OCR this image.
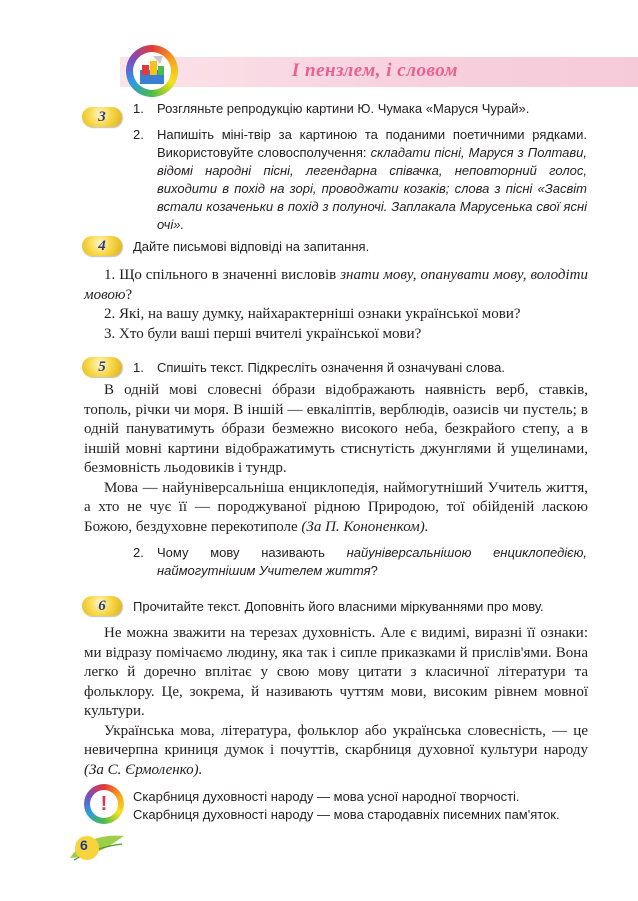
І пензлем, і словом
3
1. Розгляньте репродукцію картини Ю. Чумака «Маруся Чурай».
2. Напишіть міні-твір за картиною та поданими поетичними рядками. Використовуйте словосполучення: складати пісні, Маруся з Полтави, відомі народні пісні, легендарна співачка, неповторний голос, виходити в похід на зорі, проводжати козаків; слова з пісні «Засвіт встали козаченьки в похід з полуночі. Заплакала Марусенька свої ясні очі».
4	Дайте письмові відповіді на запитання.

1. Що спільного в значенні висловів знати мову, опанувати мову, володіти мовою?

2. Які, на вашу думку, найхарактерніші ознаки української мови?

3. Хто були ваші перші вчителі української мови?

5	1. Спишіть текст. Підкресліть означення й означувані слова.

В одній мові словесні óбрази відображають наявність верб, ставків, тополь, річки чи моря. В іншій — евкаліптів, верблюдів, оазисів чи пустель; в одній пануватимуть óбрази безмежно високого неба, безкрайого степу, а в іншій мовні картини відображатимуть стиснутість джунглями й ущелинами, безмовність льодовиків і тундр.

Мова — найуніверсальніша енциклопедія, наймогутніший Учитель життя, а хто не чує її — породжуваної рідною Природою, тої обійденій ласкою Божою, бездуховне перекотиполе (За П. Кононенком).

2. Чому мову називають найуніверсальнішою енциклопедією, наймогутнішим Учителем життя?
6	Прочитайте текст. Доповніть його власними міркуваннями про мову.

Не можна зважити на терезах духовність. Але є видимі, виразні її ознаки: ми відразу помічаємо людину, яка так і сипле приказками й прислів'ями. Вона легко й доречно вплітає у свою мову цитати з класичної літератури та фольклору. Це, зокрема, й називають чуттям мови, високим рівнем мовної культури.

Українська мова, література, фольклор або українська словесність, — це невичерпна криниця думок і почуттів, скарбниця духовної культури народу (За С. Єрмоленко).

!	Скарбниця духовності народу — мова усної народної творчості.
Скарбниця духовності народу — мова стародавніх писемних пам'яток.
6
